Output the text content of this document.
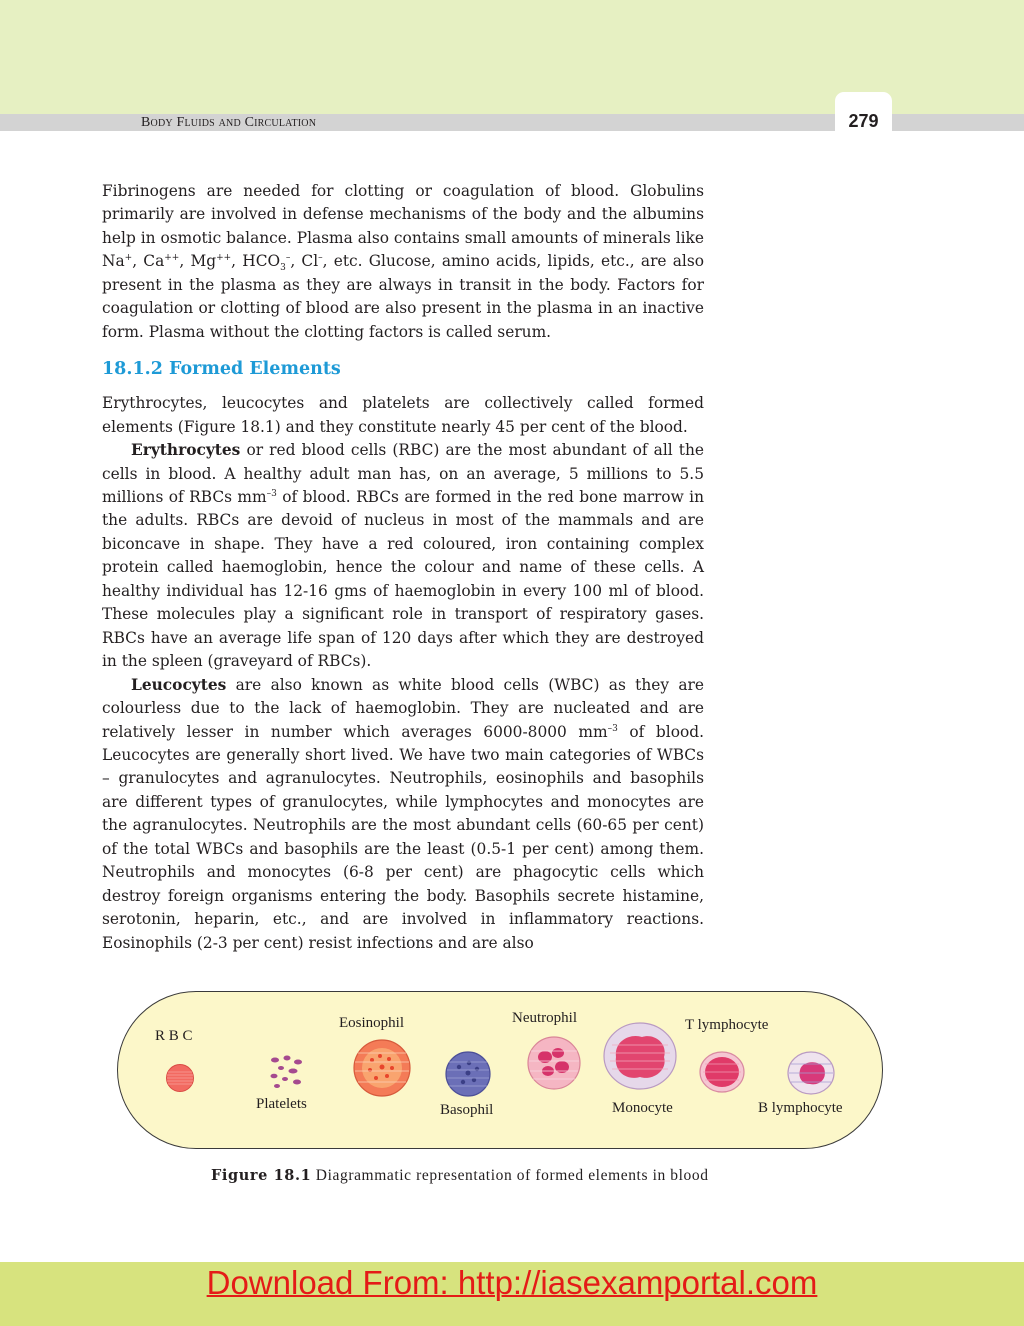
Body Fluids and Circulation	279

Fibrinogens are needed for clotting or coagulation of blood. Globulins primarily are involved in defense mechanisms of the body and the albumins help in osmotic balance. Plasma also contains small amounts of minerals like Na+, Ca++, Mg++, $HCO_3^-$, Cl–, etc. Glucose, amino acids, lipids, etc., are also present in the plasma as they are always in transit in the body. Factors for coagulation or clotting of blood are also present in the plasma in an inactive form. Plasma without the clotting factors is called serum.

18.1.2 Formed Elements

Erythrocytes, leucocytes and platelets are collectively called formed elements (Figure 18.1) and they constitute nearly 45 per cent of the blood.

Erythrocytes or red blood cells (RBC) are the most abundant of all the cells in blood. A healthy adult man has, on an average, 5 millions to 5.5 millions of RBCs $mm^{-3}$ of blood. RBCs are formed in the red bone marrow in the adults. RBCs are devoid of nucleus in most of the mammals and are biconcave in shape. They have a red coloured, iron containing complex protein called haemoglobin, hence the colour and name of these cells. A healthy individual has 12-16 gms of haemoglobin in every 100 ml of blood. These molecules play a significant role in transport of respiratory gases. RBCs have an average life span of 120 days after which they are destroyed in the spleen (graveyard of RBCs).

Leucocytes are also known as white blood cells (WBC) as they are colourless due to the lack of haemoglobin. They are nucleated and are relatively lesser in number which averages 6000-8000 $mm^{-3}$ of blood. Leucocytes are generally short lived. We have two main categories of WBCs – granulocytes and agranulocytes. Neutrophils, eosinophils and basophils are different types of granulocytes, while lymphocytes and monocytes are the agranulocytes. Neutrophils are the most abundant cells (60-65 per cent) of the total WBCs and basophils are the least (0.5-1 per cent) among them. Neutrophils and monocytes (6-8 per cent) are phagocytic cells which destroy foreign organisms entering the body. Basophils secrete histamine, serotonin, heparin, etc., and are involved in inflammatory reactions. Eosinophils (2-3 per cent) resist infections and are also

R B C
Platelets
Eosinophil
Basophil
Neutrophil
Monocyte
T lymphocyte
B lymphocyte
Figure 18.1 Diagrammatic representation of formed elements in blood
Download From: http://iasexamportal.com
